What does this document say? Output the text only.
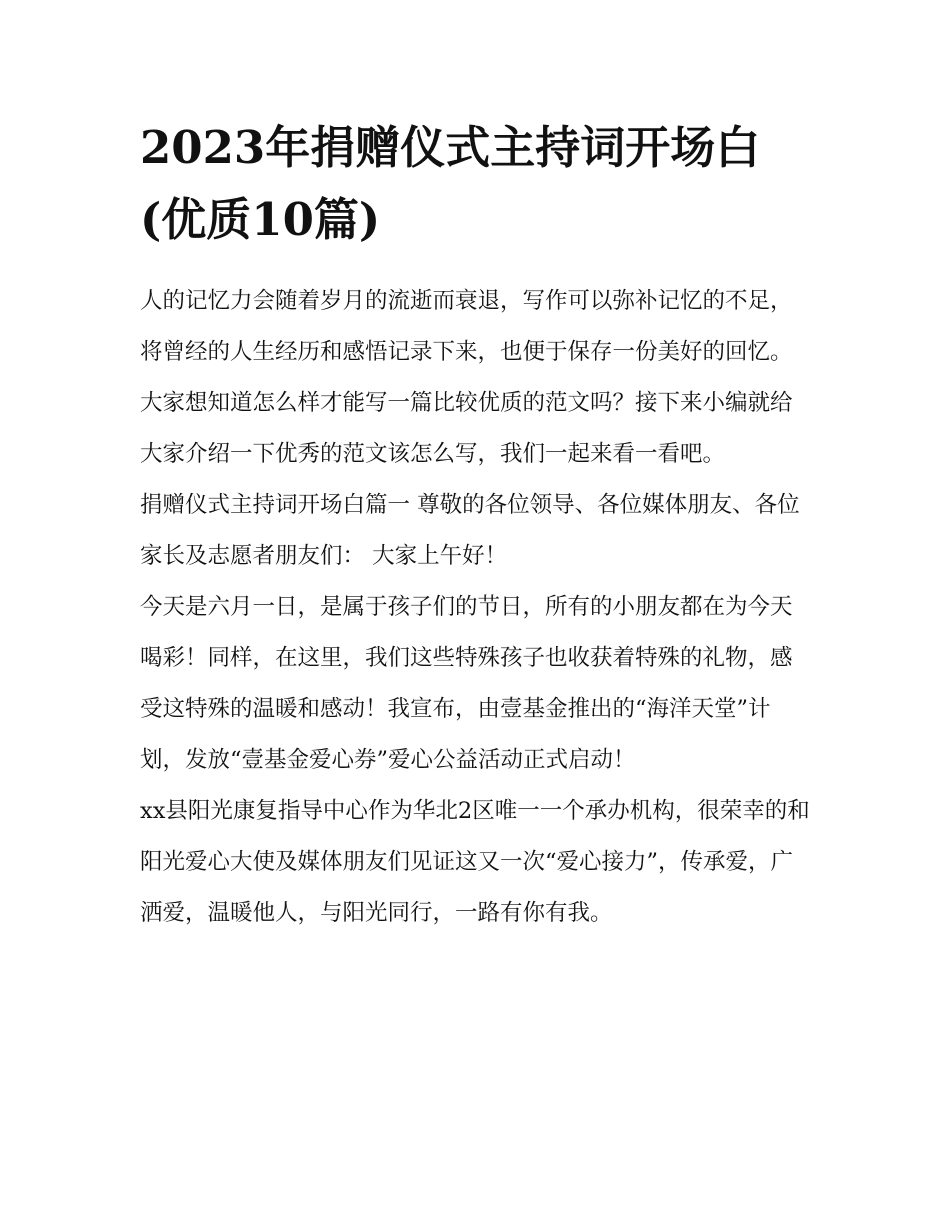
2023年捐赠仪式主持词开场白(优质10篇)

人的记忆力会随着岁月的流逝而衰退，写作可以弥补记忆的不足，将曾经的人生经历和感悟记录下来，也便于保存一份美好的回忆。大家想知道怎么样才能写一篇比较优质的范文吗？接下来小编就给大家介绍一下优秀的范文该怎么写，我们一起来看一看吧。

捐赠仪式主持词开场白篇一 尊敬的各位领导、各位媒体朋友、各位家长及志愿者朋友们： 大家上午好！

今天是六月一日，是属于孩子们的节日，所有的小朋友都在为今天喝彩！同样，在这里，我们这些特殊孩子也收获着特殊的礼物，感受这特殊的温暖和感动！我宣布，由壹基金推出的“海洋天堂”计划，发放“壹基金爱心券”爱心公益活动正式启动！

xx县阳光康复指导中心作为华北2区唯一一个承办机构，很荣幸的和阳光爱心大使及媒体朋友们见证这又一次“爱心接力”，传承爱，广洒爱，温暖他人，与阳光同行，一路有你有我。
